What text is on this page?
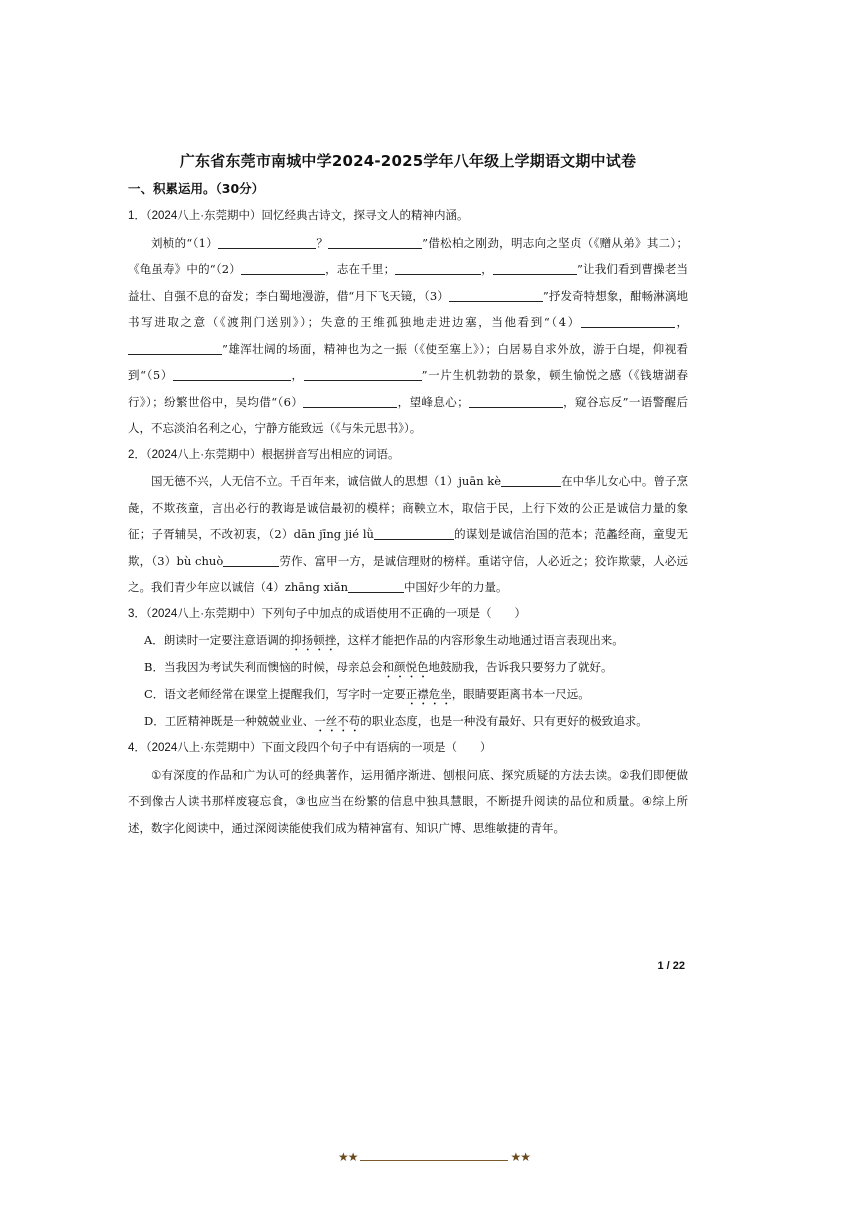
广东省东莞市南城中学2024-2025学年八年级上学期语文期中试卷
一、积累运用。（30分）
1．（2024八上·东莞期中）回忆经典古诗文，探寻文人的精神内涵。
刘桢的“（1）	？	”借松柏之刚劲，明志向之坚贞（《赠从弟》其二）；《龟虽寿》中的“（2）	，志在千里；	，	”让我们看到曹操老当益壮、自强不息的奋发；李白蜀地漫游，借“月下飞天镜，（3）	”抒发奇特想象，酣畅淋漓地书写进取之意（《渡荆门送别》）；失意的王维孤独地走进边塞，当他看到“（4）	，”雄浑壮阔的场面，精神也为之一振（《使至塞上》）；白居易自求外放，游于白堤，仰视看到“（5）	，	”一片生机勃勃的景象，顿生愉悦之感（《钱塘湖春行》）；纷繁世俗中，吴均借“（6）	，望峰息心；	，窥谷忘反”一语警醒后人，不忘淡泊名利之心，宁静方能致远（《与朱元思书》）。
2．（2024八上·东莞期中）根据拼音写出相应的词语。
国无德不兴，人无信不立。千百年来，诚信做人的思想（1）juān kè	在中华儿女心中。曾子烹彘，不欺孩童，言出必行的教诲是诚信最初的模样；商鞅立木，取信于民，上行下效的公正是诚信力量的象征；子胥辅吴，不改初衷，（2）dān jīng jié lǜ	的谋划是诚信治国的范本；范蠡经商，童叟无欺，（3）bù chuò	劳作、富甲一方，是诚信理财的榜样。重诺守信，人必近之；狡诈欺蒙，人必远之。我们青少年应以诚信（4）zhāng xiǎn	中国好少年的力量。
3．（2024八上·东莞期中）下列句子中加点的成语使用不正确的一项是（　　）
A．朗读时一定要注意语调的抑扬顿挫，这样才能把作品的内容形象生动地通过语言表现出来。
B．当我因为考试失利而懊恼的时候，母亲总会和颜悦色地鼓励我，告诉我只要努力了就好。
C．语文老师经常在课堂上提醒我们，写字时一定要正襟危坐，眼睛要距离书本一尺远。
D．工匠精神既是一种兢兢业业、一丝不苟的职业态度，也是一种没有最好、只有更好的极致追求。
4．（2024八上·东莞期中）下面文段四个句子中有语病的一项是（　　）
①有深度的作品和广为认可的经典著作，运用循序渐进、刨根问底、探究质疑的方法去读。②我们即便做不到像古人读书那样废寝忘食，③也应当在纷繁的信息中独具慧眼，不断提升阅读的品位和质量。④综上所述，数字化阅读中，通过深阅读能使我们成为精神富有、知识广博、思维敏捷的青年。
1 / 22
★★	★★
